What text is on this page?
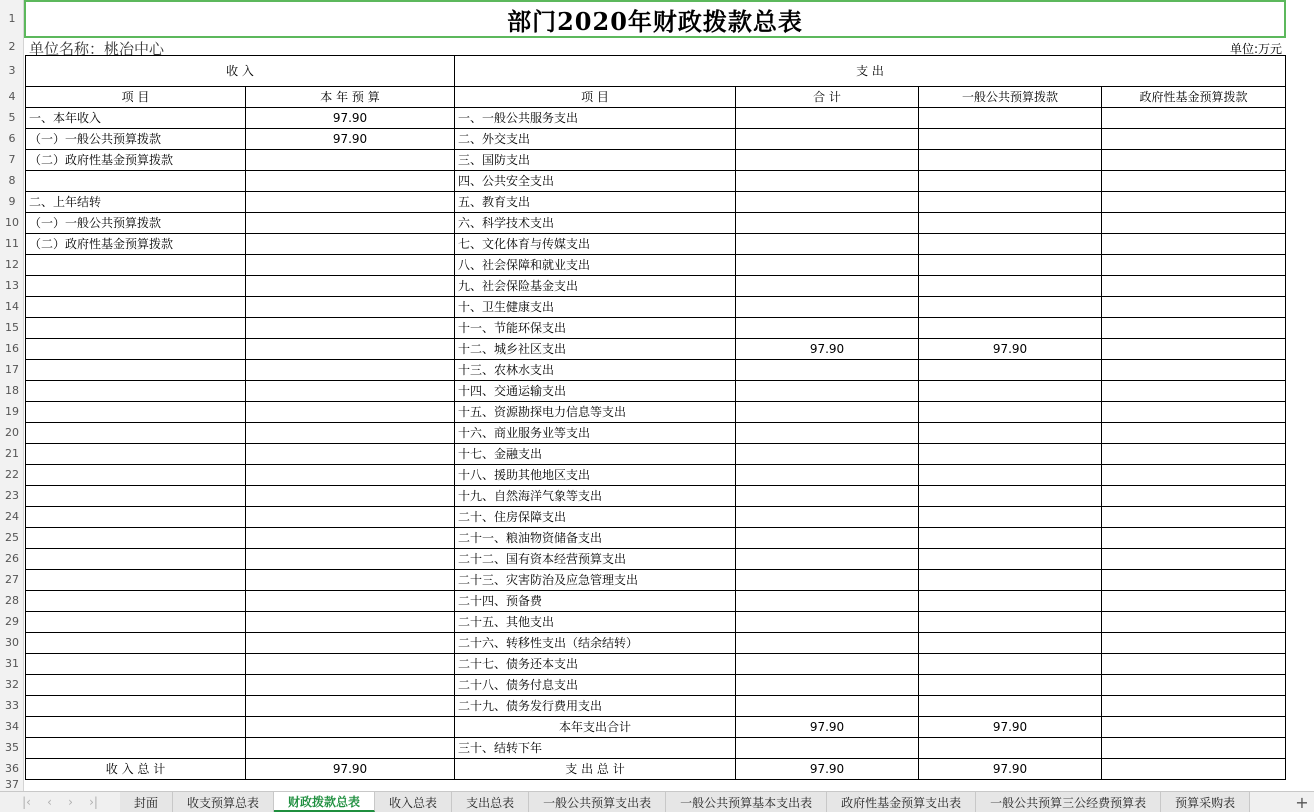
1
2
3
4
5
6
7
8
9
10
11
12
13
14
15
16
17
18
19
20
21
22
23
24
25
26
27
28
29
30
31
32
33
34
35
36
37
部门2020年财政拨款总表
单位名称：桃冶中心	单位:万元
收 入		支 出			
项 目	本 年 预 算	项 目	合 计	一般公共预算拨款	政府性基金预算拨款
一、本年收入	97.90	一、一般公共服务支出			
（一）一般公共预算拨款	97.90	二、外交支出			
（二）政府性基金预算拨款		三、国防支出			
		四、公共安全支出			
二、上年结转		五、教育支出			
（一）一般公共预算拨款		六、科学技术支出			
（二）政府性基金预算拨款		七、文化体育与传媒支出			
		八、社会保障和就业支出			
		九、社会保险基金支出			
		十、卫生健康支出			
		十一、节能环保支出			
		十二、城乡社区支出	97.90	97.90	
		十三、农林水支出			
		十四、交通运输支出			
		十五、资源勘探电力信息等支出			
		十六、商业服务业等支出			
		十七、金融支出			
		十八、援助其他地区支出			
		十九、自然海洋气象等支出			
		二十、住房保障支出			
		二十一、粮油物资储备支出			
		二十二、国有资本经营预算支出			
		二十三、灾害防治及应急管理支出			
		二十四、预备费			
		二十五、其他支出			
		二十六、转移性支出（结余结转）			
		二十七、债务还本支出			
		二十八、债务付息支出			
		二十九、债务发行费用支出			
		本年支出合计	97.90	97.90	
		三十、结转下年			
收 入 总 计	97.90	支 出 总 计	97.90	97.90	
|‹ ‹ › ›|	封面	收支预算总表	财政拨款总表	收入总表	支出总表	一般公共预算支出表	一般公共预算基本支出表	政府性基金预算支出表	一般公共预算三公经费预算表	预算采购表	+
